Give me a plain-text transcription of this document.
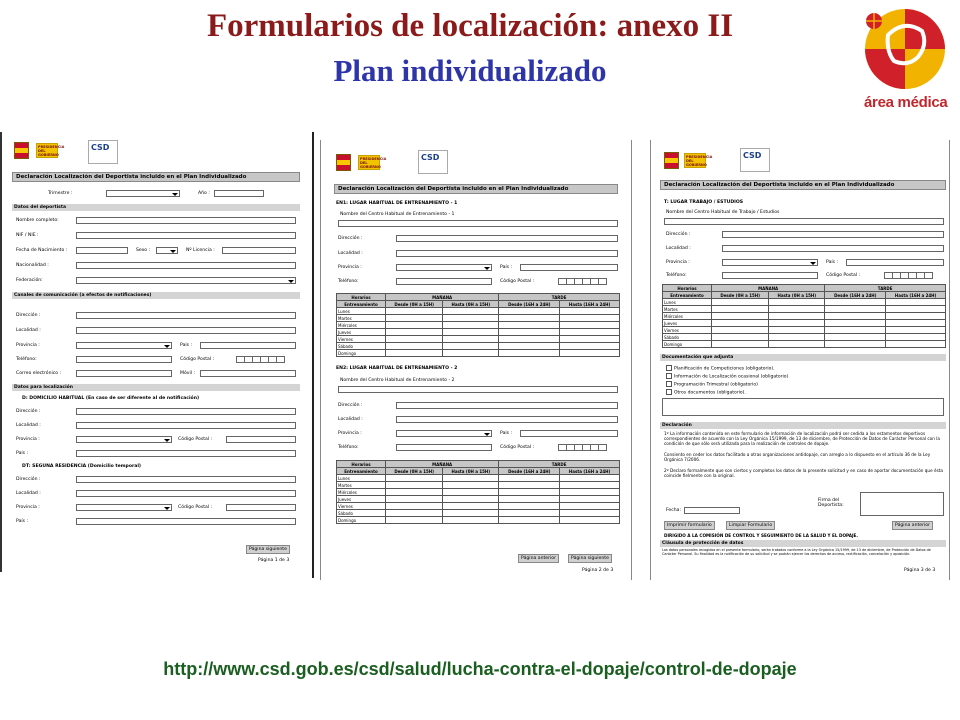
Formularios de localización: anexo II
Plan individualizado
área médica
PRESIDENCIA DEL GOBIERNO
CSD
Declaración Localización del Deportista incluido en el Plan Individualizado
Trimestre :	Año :
Datos del deportista
Nombre completo:
NIF / NIE :
Fecha de Nacimiento :	Sexo :	Nº Licencia :
Nacionalidad :
Federación:
Canales de comunicación (a efectos de notificaciones)
Dirección :
Localidad :
Provincia :	País :
Teléfono:	Código Postal :
Correo electrónico :	Móvil :
Datos para localización
D: DOMICILIO HABITUAL (En caso de ser diferente al de notificación)
Dirección :
Localidad :
Provincia :	Código Postal :
País :
DT: SEGUNA RESIDENCIA (Domicilio temporal)
Dirección :
Localidad :
Provincia :	Código Postal :
País :
Página siguiente
Página 1 de 3
PRESIDENCIA DEL GOBIERNO
CSD
Declaración Localización del Deportista incluido en el Plan Individualizado
EN1: LUGAR HABITUAL DE ENTRENAMIENTO - 1
Nombre del Centro Habitual de Entrenamiento - 1
Dirección :
Localidad :
Provincia :	País :
Teléfono:	Código Postal :
Horarios	MAÑANA		TARDE	
Entrenamiento	Desde (0H a 15H)	Hasta (0H a 15H)	Desde (16H a 24H)	Hasta (16H a 24H)
Lunes				
Martes				
Miércoles				
Jueves				
Viernes				
Sábado				
Domingo				
EN2: LUGAR HABITUAL DE ENTRENAMIENTO - 2
Nombre del Centro Habitual de Entrenamiento - 2
Dirección :
Localidad :
Provincia :	País :
Teléfono:	Código Postal :
Horarios	MAÑANA		TARDE	
Entrenamiento	Desde (0H a 15H)	Hasta (0H a 15H)	Desde (16H a 24H)	Hasta (16H a 24H)
Lunes				
Martes				
Miércoles				
Jueves				
Viernes				
Sábado				
Domingo				
Página anterior	Página siguiente
Página 2 de 3
PRESIDENCIA DEL GOBIERNO
CSD
Declaración Localización del Deportista incluido en el Plan Individualizado
T: LUGAR TRABAJO / ESTUDIOS
Nombre del Centro Habitual de Trabajo / Estudios
Dirección :
Localidad :
Provincia :	País :
Teléfono:	Código Postal :
Horarios	MAÑANA		TARDE	
Entrenamiento	Desde (0H a 15H)	Hasta (0H a 15H)	Desde (16H a 24H)	Hasta (16H a 24H)
Lunes				
Martes				
Miércoles				
Jueves				
Viernes				
Sábado				
Domingo				
Documentación que adjunta
Planificación de Competiciones (obligatorio).
Información de Localización ocasional (obligatorio)
Programación Trimestral (obligatorio)
Otros documentos (obligatorio).
Declaración
1º La información contenida en este formulario de información de localización podrá ser cedida a los estamentos deportivos correspondientes de acuerdo con la Ley Orgánica 15/1999, de 13 de diciembre, de Protección de Datos de Carácter Personal con la condición de que sólo será utilizada para la realización de controles de dopaje.
Consiento en ceder los datos facilitado a otras organizaciones antidopaje, con arreglo a lo dispuesto en el artículo 36 de la Ley Orgánica 7/2006.
2º Declaro formalmente que son ciertos y completos los datos de la presente solicitud y en caso de aportar documentación que ésta coincide fielmente con la original.
Firma del Deportista:
Fecha:
Imprimir formulario	Limpiar Formulario	Página anterior
DIRIGIDO A LA COMISIÓN DE CONTROL Y SEGUIMIENTO DE LA SALUD Y EL DOPAJE.
Cláusula de protección de datos
Los datos personales recogidos en el presente formulario, serán tratados conforme a la Ley Orgánica 15/1999, de 13 de diciembre, de Protección de Datos de Carácter Personal. Su finalidad es la notificación de su solicitud y se podrán ejercer los derechos de acceso, rectificación, cancelación y oposición.
Página 3 de 3
http://www.csd.gob.es/csd/salud/lucha-contra-el-dopaje/control-de-dopaje
